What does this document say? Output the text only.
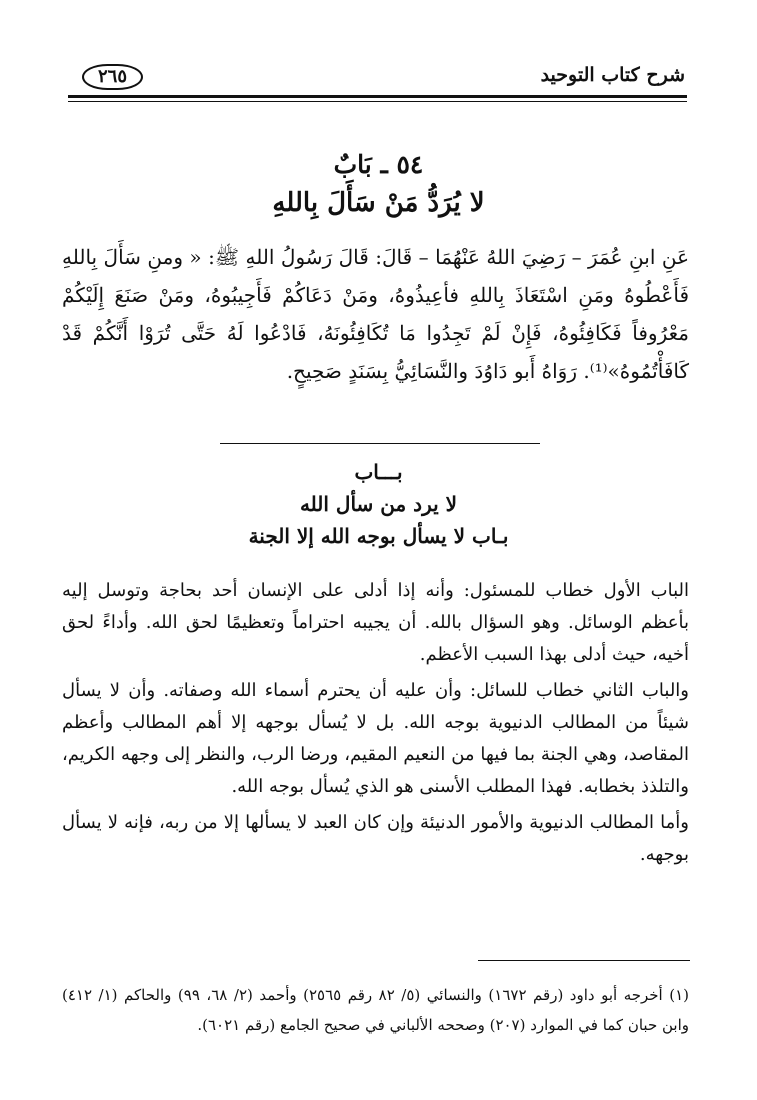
شرح كتاب التوحيد
٢٦٥
٥٤ ـ بَابٌ
لا يُرَدُّ مَنْ سَأَلَ بِاللهِ
عَنِ ابنِ عُمَرَ – رَضِيَ اللهُ عَنْهُمَا – قَالَ: قَالَ رَسُولُ اللهِ ﷺ: « ومنِ سَأَلَ بِاللهِ فَأَعْطُوهُ ومَنِ اسْتَعَاذَ بِاللهِ فأعِيذُوهُ، ومَنْ دَعَاكُمْ فَأَجِيبُوهُ، ومَنْ صَنَعَ إِلَيْكُمْ مَعْرُوفاً فَكَافِئُوهُ، فَإِنْ لَمْ تَجِدُوا مَا تُكَافِئُونَهُ، فَادْعُوا لَهُ حَتَّى تُرَوْا أَنَّكُمْ قَدْ كَافَأْتُمُوهُ»⁽¹⁾. رَوَاهُ أَبو دَاوُدَ والنَّسَائِيُّ بِسَنَدٍ صَحِيحٍ.
بـــاب
لا يرد من سأل الله
بـاب لا يسأل بوجه الله إلا الجنة

الباب الأول خطاب للمسئول: وأنه إذا أدلى على الإنسان أحد بحاجة وتوسل إليه بأعظم الوسائل. وهو السؤال بالله. أن يجيبه احتراماً وتعظيمًا لحق الله. وأداءً لحق أخيه، حيث أدلى بهذا السبب الأعظم.

والباب الثاني خطاب للسائل: وأن عليه أن يحترم أسماء الله وصفاته. وأن لا يسأل شيئاً من المطالب الدنيوية بوجه الله. بل لا يُسأل بوجهه إلا أهم المطالب وأعظم المقاصد، وهي الجنة بما فيها من النعيم المقيم، ورضا الرب، والنظر إلى وجهه الكريم، والتلذذ بخطابه. فهذا المطلب الأسنى هو الذي يُسأل بوجه الله.

وأما المطالب الدنيوية والأمور الدنيئة وإن كان العبد لا يسألها إلا من ربه، فإنه لا يسأل بوجهه.

(١) أخرجه أبو داود (رقم ١٦٧٢) والنسائي (٥/ ٨٢ رقم ٢٥٦٥) وأحمد (٢/ ٦٨، ٩٩) والحاكم (١/ ٤١٢) وابن حبان كما في الموارد (٢٠٧) وصححه الألباني في صحيح الجامع (رقم ٦٠٢١).
